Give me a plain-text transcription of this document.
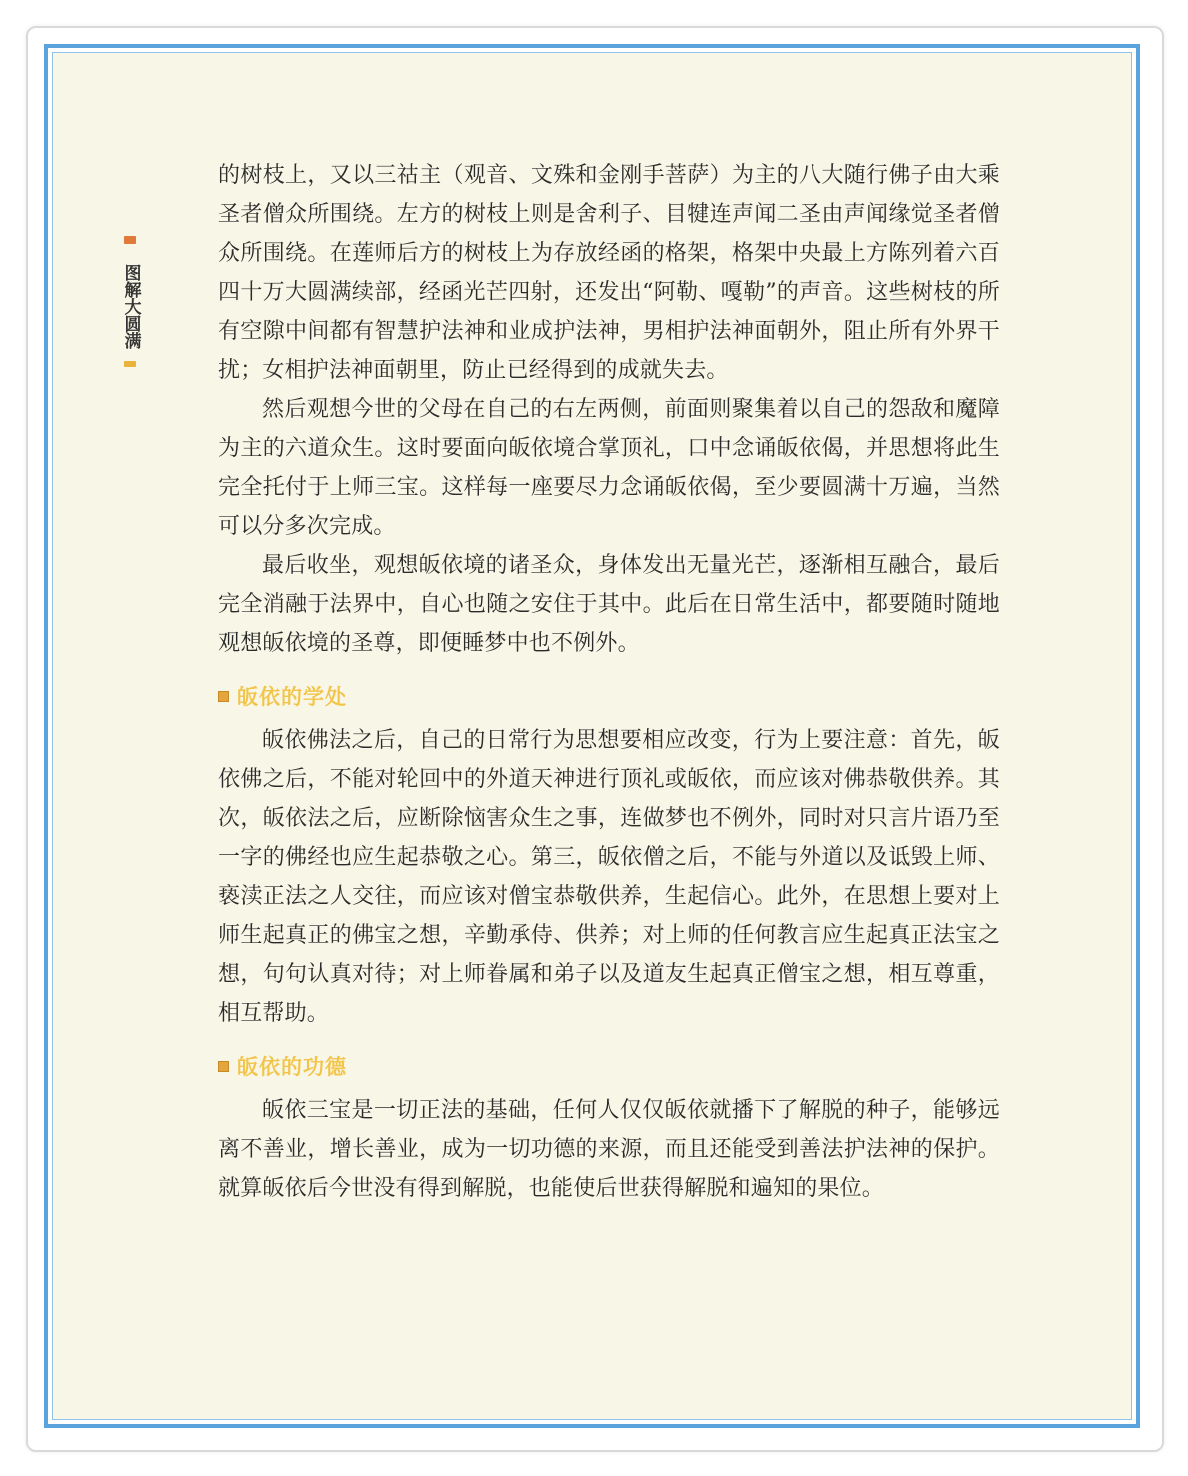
图解大圆满

的树枝上，又以三祜主（观音、文殊和金刚手菩萨）为主的八大随行佛子由大乘圣者僧众所围绕。左方的树枝上则是舍利子、目犍连声闻二圣由声闻缘觉圣者僧众所围绕。在莲师后方的树枝上为存放经函的格架，格架中央最上方陈列着六百四十万大圆满续部，经函光芒四射，还发出“阿勒、嘎勒”的声音。这些树枝的所有空隙中间都有智慧护法神和业成护法神，男相护法神面朝外，阻止所有外界干扰；女相护法神面朝里，防止已经得到的成就失去。

然后观想今世的父母在自己的右左两侧，前面则聚集着以自己的怨敌和魔障为主的六道众生。这时要面向皈依境合掌顶礼，口中念诵皈依偈，并思想将此生完全托付于上师三宝。这样每一座要尽力念诵皈依偈，至少要圆满十万遍，当然可以分多次完成。

最后收坐，观想皈依境的诸圣众，身体发出无量光芒，逐渐相互融合，最后完全消融于法界中，自心也随之安住于其中。此后在日常生活中，都要随时随地观想皈依境的圣尊，即便睡梦中也不例外。

皈依的学处

皈依佛法之后，自己的日常行为思想要相应改变，行为上要注意：首先，皈依佛之后，不能对轮回中的外道天神进行顶礼或皈依，而应该对佛恭敬供养。其次，皈依法之后，应断除恼害众生之事，连做梦也不例外，同时对只言片语乃至一字的佛经也应生起恭敬之心。第三，皈依僧之后，不能与外道以及诋毁上师、亵渎正法之人交往，而应该对僧宝恭敬供养，生起信心。此外，在思想上要对上师生起真正的佛宝之想，辛勤承侍、供养；对上师的任何教言应生起真正法宝之想，句句认真对待；对上师眷属和弟子以及道友生起真正僧宝之想，相互尊重，相互帮助。

皈依的功德

皈依三宝是一切正法的基础，任何人仅仅皈依就播下了解脱的种子，能够远离不善业，增长善业，成为一切功德的来源，而且还能受到善法护法神的保护。就算皈依后今世没有得到解脱，也能使后世获得解脱和遍知的果位。
